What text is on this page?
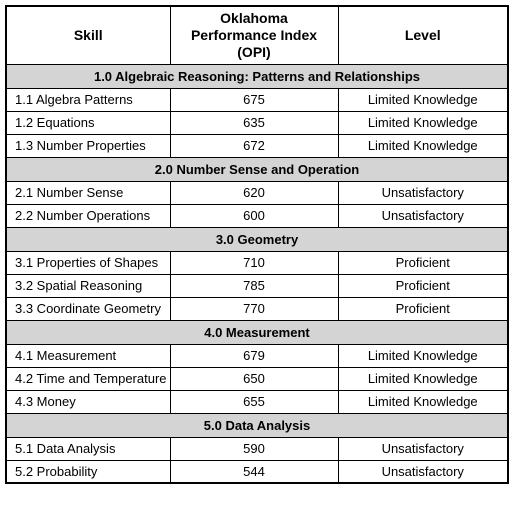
Skill	Oklahoma Performance Index (OPI)	Level
1.0 Algebraic Reasoning: Patterns and Relationships		
1.1 Algebra Patterns	675	Limited Knowledge
1.2 Equations	635	Limited Knowledge
1.3 Number Properties	672	Limited Knowledge
2.0 Number Sense and Operation		
2.1 Number Sense	620	Unsatisfactory
2.2 Number Operations	600	Unsatisfactory
3.0 Geometry		
3.1 Properties of Shapes	710	Proficient
3.2 Spatial Reasoning	785	Proficient
3.3 Coordinate Geometry	770	Proficient
4.0 Measurement		
4.1 Measurement	679	Limited Knowledge
4.2 Time and Temperature	650	Limited Knowledge
4.3 Money	655	Limited Knowledge
5.0 Data Analysis		
5.1 Data Analysis	590	Unsatisfactory
5.2 Probability	544	Unsatisfactory
